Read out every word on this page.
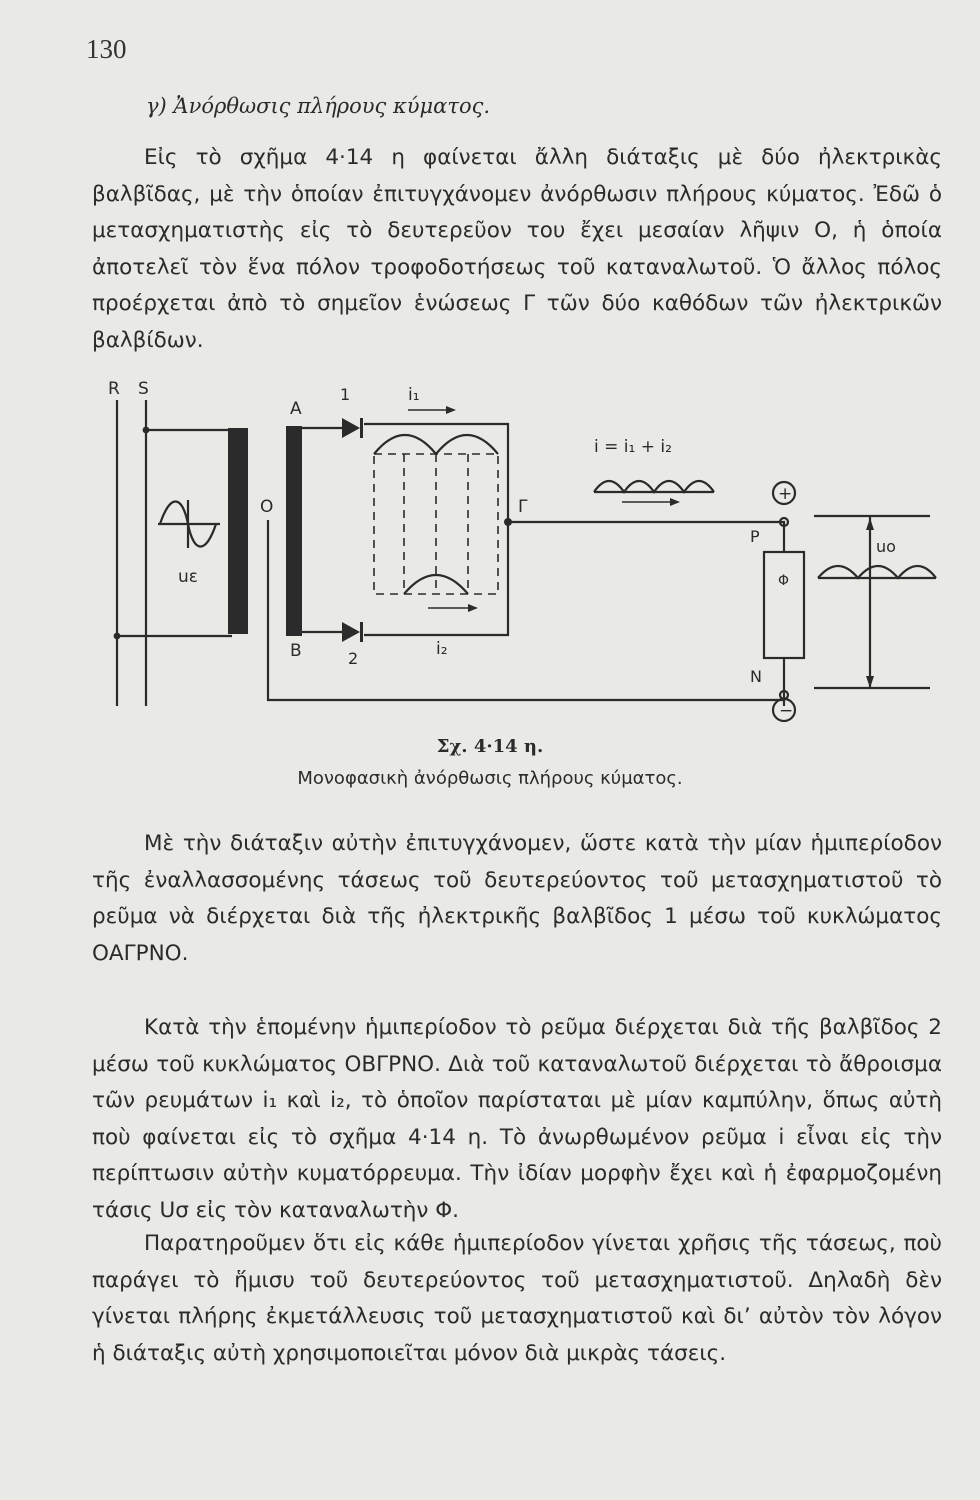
130
γ) Ἀνόρθωσις πλήρους κύματος.

Εἰς τὸ σχῆμα 4·14 η φαίνεται ἄλλη διάταξις μὲ δύο ἠλεκτρικὰς βαλβῖδας, μὲ τὴν ὁποίαν ἐπιτυγχάνομεν ἀνόρθωσιν πλήρους κύματος. Ἐδῶ ὁ μετασχηματιστὴς εἰς τὸ δευτερεῦον του ἔχει μεσαίαν λῆψιν O, ἡ ὁποία ἀποτελεῖ τὸν ἕνα πόλον τροφοδοτήσεως τοῦ καταναλωτοῦ. Ὁ ἄλλος πόλος προέρχεται ἀπὸ τὸ σημεῖον ἑνώσεως Γ τῶν δύο καθόδων τῶν ἠλεκτρικῶν βαλβίδων.

R S
A
B
O	Γ
P
N
1
2
i₁
i₂
i = i₁ + i₂
uε
uo
Φ
+
−
Σχ. 4·14 η.
Μονοφασικὴ ἀνόρθωσις πλήρους κύματος.

Μὲ τὴν διάταξιν αὐτὴν ἐπιτυγχάνομεν, ὥστε κατὰ τὴν μίαν ἡμιπερίοδον τῆς ἐναλλασσομένης τάσεως τοῦ δευτερεύοντος τοῦ μετασχηματιστοῦ τὸ ρεῦμα νὰ διέρχεται διὰ τῆς ἠλεκτρικῆς βαλβῖδος 1 μέσω τοῦ κυκλώματος ΟΑΓΡΝΟ.

Κατὰ τὴν ἑπομένην ἡμιπερίοδον τὸ ρεῦμα διέρχεται διὰ τῆς βαλβῖδος 2 μέσω τοῦ κυκλώματος ΟΒΓΡΝΟ. Διὰ τοῦ καταναλωτοῦ διέρχεται τὸ ἄθροισμα τῶν ρευμάτων i₁ καὶ i₂, τὸ ὁποῖον παρίσταται μὲ μίαν καμπύλην, ὅπως αὐτὴ ποὺ φαίνεται εἰς τὸ σχῆμα 4·14 η. Τὸ ἀνωρθωμένον ρεῦμα i εἶναι εἰς τὴν περίπτωσιν αὐτὴν κυματόρρευμα. Τὴν ἰδίαν μορφὴν ἔχει καὶ ἡ ἐφαρμοζομένη τάσις Uσ εἰς τὸν καταναλωτὴν Φ.

Παρατηροῦμεν ὅτι εἰς κάθε ἡμιπερίοδον γίνεται χρῆσις τῆς τάσεως, ποὺ παράγει τὸ ἥμισυ τοῦ δευτερεύοντος τοῦ μετασχηματιστοῦ. Δηλαδὴ δὲν γίνεται πλήρης ἐκμετάλλευσις τοῦ μετασχηματιστοῦ καὶ δι’ αὐτὸν τὸν λόγον ἡ διάταξις αὐτὴ χρησιμοποιεῖται μόνον διὰ μικρὰς τάσεις.
